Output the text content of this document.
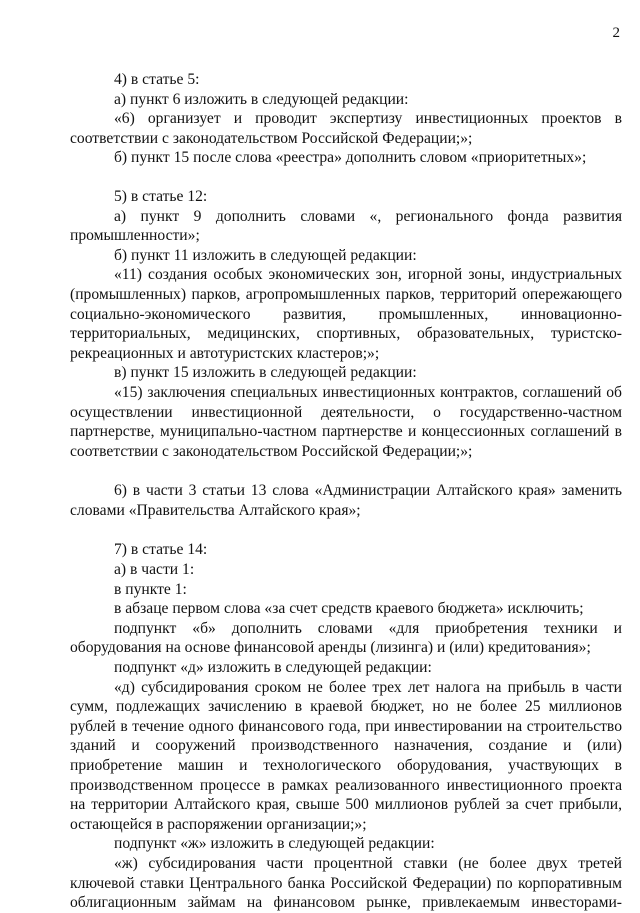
2

4) в статье 5:

а) пункт 6 изложить в следующей редакции:

«6) организует и проводит экспертизу инвестиционных проектов в соответствии с законодательством Российской Федерации;»;

б) пункт 15 после слова «реестра» дополнить словом «приоритетных»;

5) в статье 12:

а) пункт 9 дополнить словами «, регионального фонда развития промышленности»;

б) пункт 11 изложить в следующей редакции:

«11) создания особых экономических зон, игорной зоны, индустриальных (промышленных) парков, агропромышленных парков, территорий опережающего социально-экономического развития, промышленных, инновационно-территориальных, медицинских, спортивных, образовательных, туристско-рекреационных и автотуристских кластеров;»;

в) пункт 15 изложить в следующей редакции:

«15) заключения специальных инвестиционных контрактов, соглашений об осуществлении инвестиционной деятельности, о государственно-частном партнерстве, муниципально-частном партнерстве и концессионных соглашений в соответствии с законодательством Российской Федерации;»;

6) в части 3 статьи 13 слова «Администрации Алтайского края» заменить словами «Правительства Алтайского края»;

7) в статье 14:

а) в части 1:

в пункте 1:

в абзаце первом слова «за счет средств краевого бюджета» исключить;

подпункт «б» дополнить словами «для приобретения техники и оборудования на основе финансовой аренды (лизинга) и (или) кредитования»;

подпункт «д» изложить в следующей редакции:

«д) субсидирования сроком не более трех лет налога на прибыль в части сумм, подлежащих зачислению в краевой бюджет, но не более 25 миллионов рублей в течение одного финансового года, при инвестировании на строительство зданий и сооружений производственного назначения, создание и (или) приобретение машин и технологического оборудования, участвующих в производственном процессе в рамках реализованного инвестиционного проекта на территории Алтайского края, свыше 500 миллионов рублей за счет прибыли, остающейся в распоряжении организации;»;

подпункт «ж» изложить в следующей редакции:

«ж) субсидирования части процентной ставки (не более двух третей ключевой ставки Центрального банка Российской Федерации) по корпоративным облигационным займам на финансовом рынке, привлекаемым инвесторами-
